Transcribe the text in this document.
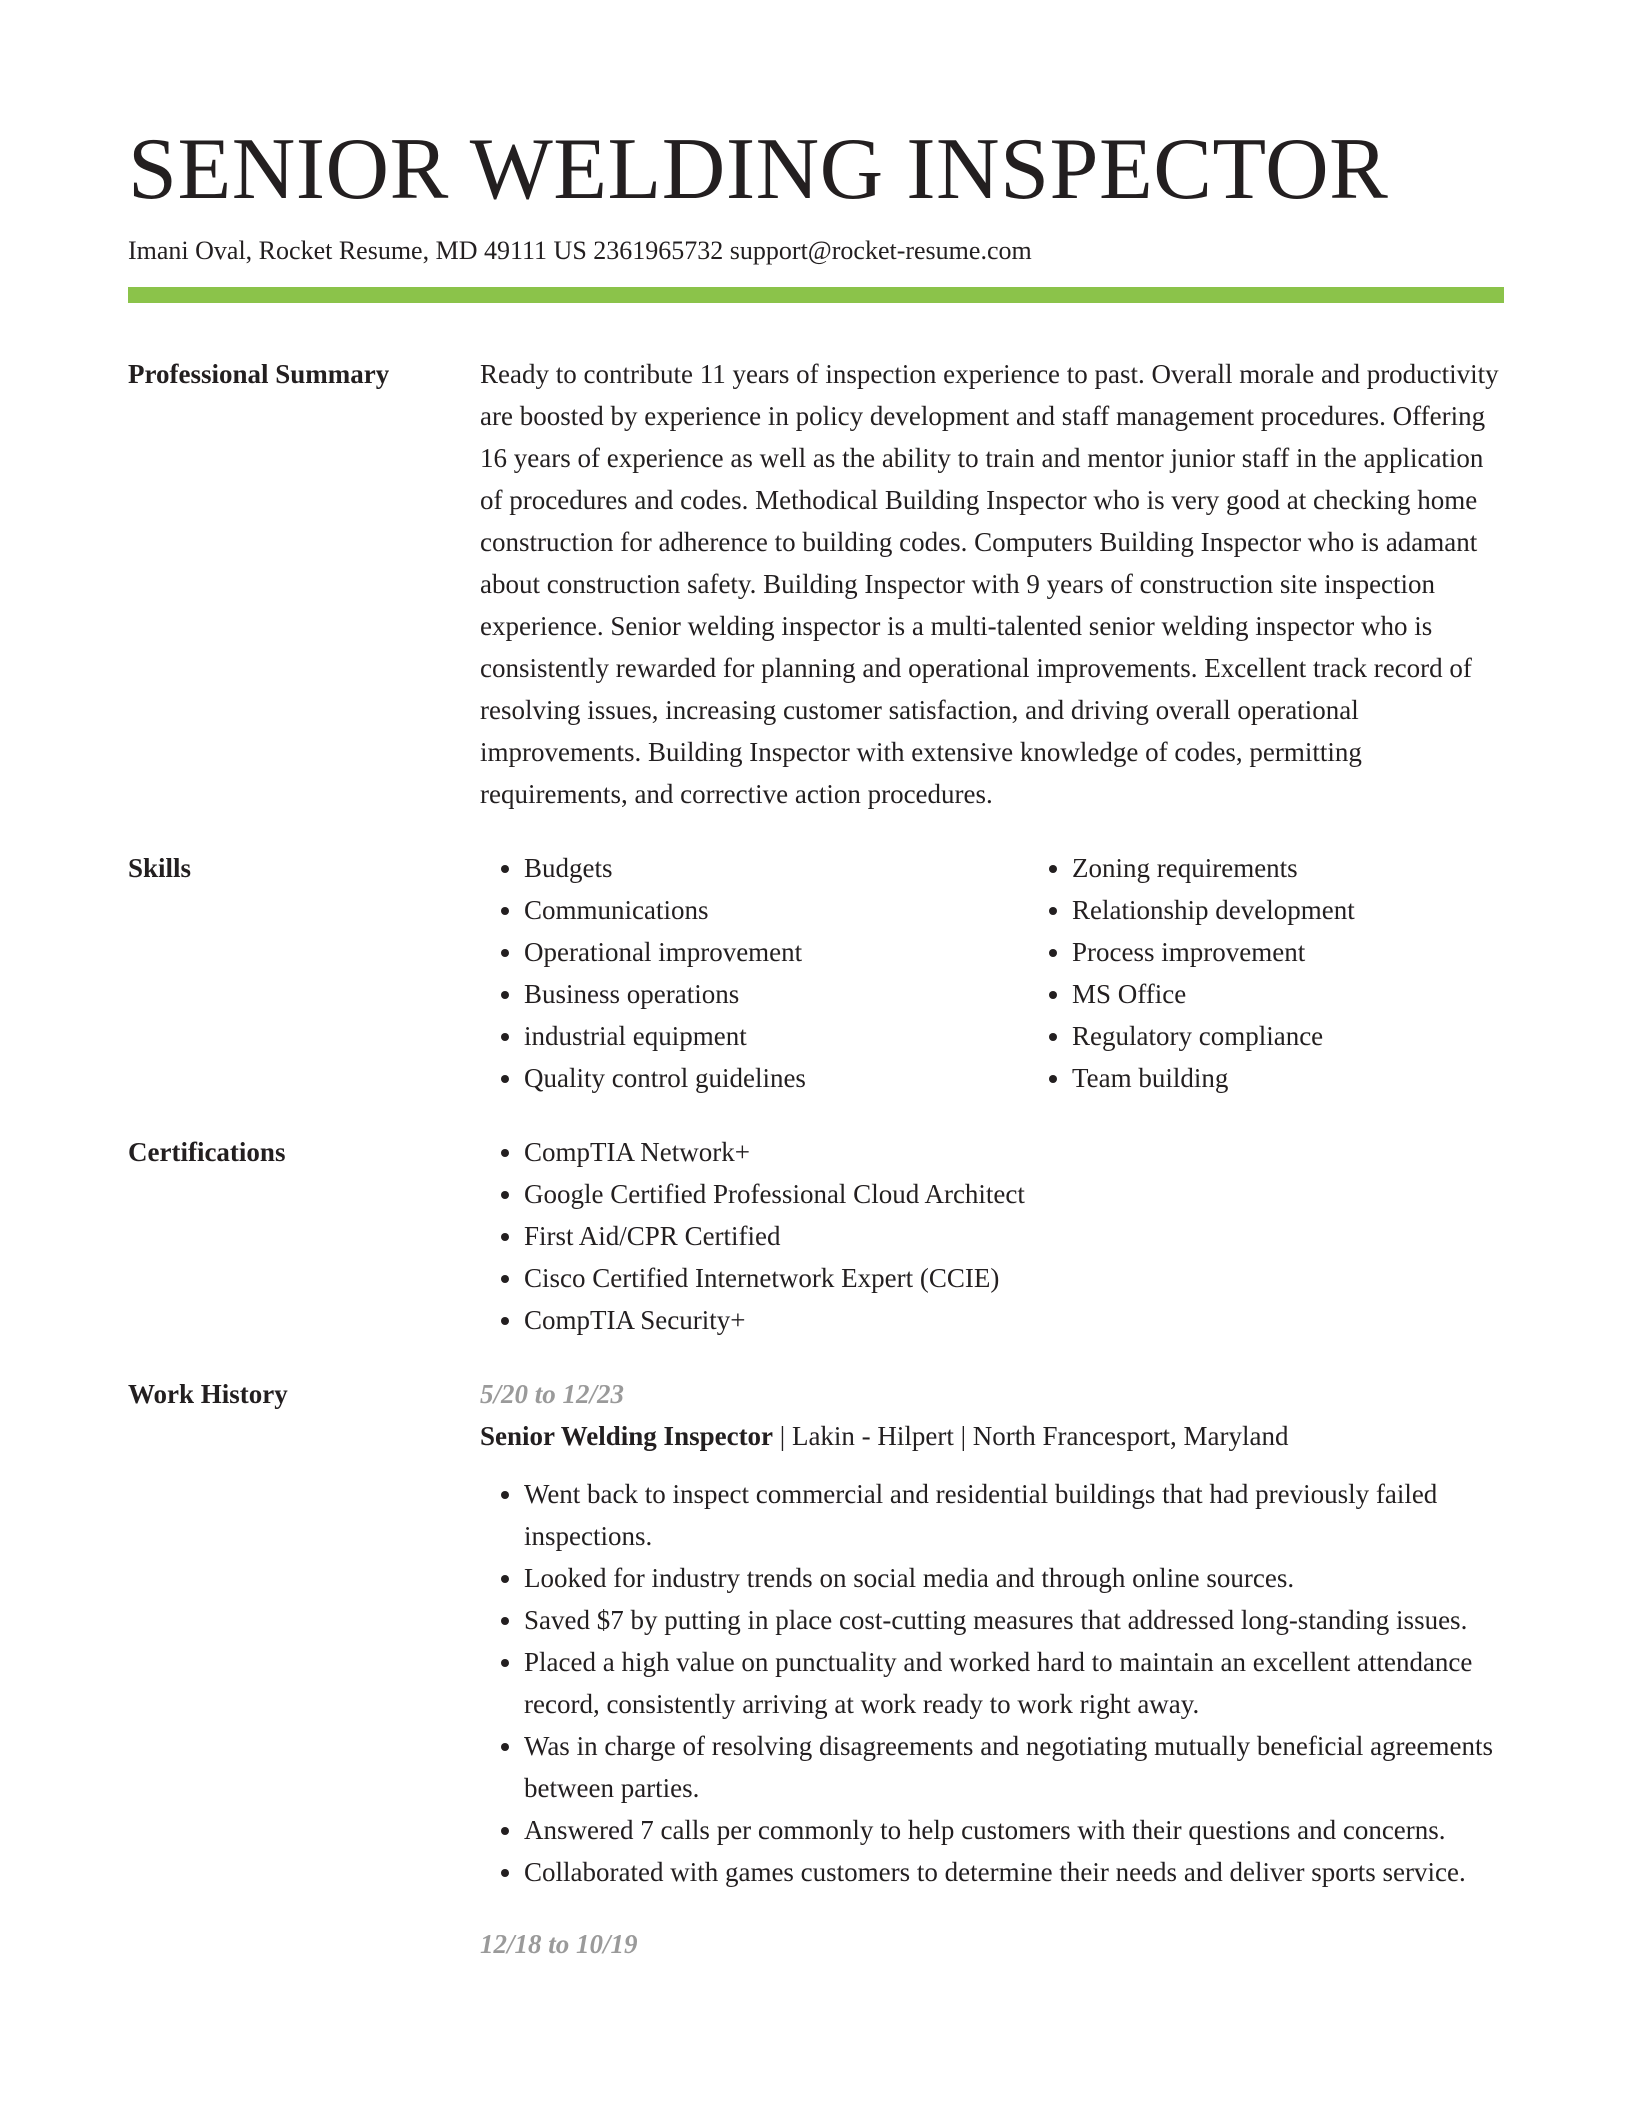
SENIOR WELDING INSPECTOR
Imani Oval, Rocket Resume, MD 49111 US 2361965732 support@rocket-resume.com
Professional Summary	Ready to contribute 11 years of inspection experience to past. Overall morale and productivity are boosted by experience in policy development and staff management procedures. Offering 16 years of experience as well as the ability to train and mentor junior staff in the application of procedures and codes. Methodical Building Inspector who is very good at checking home construction for adherence to building codes. Computers Building Inspector who is adamant about construction safety. Building Inspector with 9 years of construction site inspection experience. Senior welding inspector is a multi-talented senior welding inspector who is consistently rewarded for planning and operational improvements. Excellent track record of resolving issues, increasing customer satisfaction, and driving overall operational improvements. Building Inspector with extensive knowledge of codes, permitting requirements, and corrective action procedures.
Skills	• Budgets
• Communications
• Operational improvement
• Business operations
• industrial equipment
• Quality control guidelines
• Zoning requirements
• Relationship development
• Process improvement
• MS Office
• Regulatory compliance
• Team building
Certifications	• CompTIA Network+
• Google Certified Professional Cloud Architect
• First Aid/CPR Certified
• Cisco Certified Internetwork Expert (CCIE)
• CompTIA Security+
Work History	5/20 to 12/23
Senior Welding Inspector | Lakin - Hilpert | North Francesport, Maryland
• Went back to inspect commercial and residential buildings that had previously failed inspections.
• Looked for industry trends on social media and through online sources.
• Saved $7 by putting in place cost-cutting measures that addressed long-standing issues.
• Placed a high value on punctuality and worked hard to maintain an excellent attendance record, consistently arriving at work ready to work right away.
• Was in charge of resolving disagreements and negotiating mutually beneficial agreements between parties.
• Answered 7 calls per commonly to help customers with their questions and concerns.
• Collaborated with games customers to determine their needs and deliver sports service.
12/18 to 10/19
